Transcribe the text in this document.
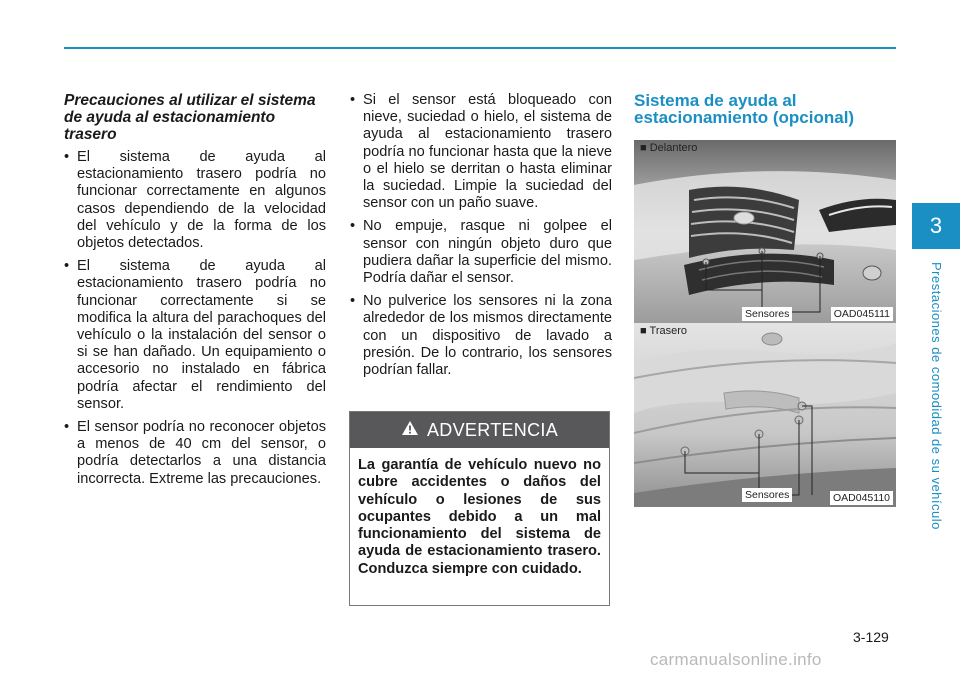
Precauciones al utilizar el sistema de ayuda al estacionamiento trasero

• El sistema de ayuda al estacionamiento trasero podría no funcionar correctamente en algunos casos dependiendo de la velocidad del vehículo y de la forma de los objetos detectados.
• El sistema de ayuda al estacionamiento trasero podría no funcionar correctamente si se modifica la altura del parachoques del vehículo o la instalación del sensor o si se han dañado. Un equipamiento o accesorio no instalado en fábrica podría afectar el rendimiento del sensor.
• El sensor podría no reconocer objetos a menos de 40 cm del sensor, o podría detectarlos a una distancia incorrecta. Extreme las precauciones.
• Si el sensor está bloqueado con nieve, suciedad o hielo, el sistema de ayuda al estacionamiento trasero podría no funcionar hasta que la nieve o el hielo se derritan o hasta eliminar la suciedad. Limpie la suciedad del sensor con un paño suave.
• No empuje, rasque ni golpee el sensor con ningún objeto duro que pudiera dañar la superficie del mismo. Podría dañar el sensor.
• No pulverice los sensores ni la zona alrededor de los mismos directamente con un dispositivo de lavado a presión. De lo contrario, los sensores podrían fallar.
ADVERTENCIA
La garantía de vehículo nuevo no cubre accidentes o daños del vehículo o lesiones de sus ocupantes debido a un mal funcionamiento del sistema de ayuda de estacionamiento trasero. Conduzca siempre con cuidado.

Sistema de ayuda al estacionamiento (opcional)

■ Delantero
Sensores	OAD045111
■ Trasero
Sensores	OAD045110
3
Prestaciones de comodidad de su vehículo
3-129
carmanualsonline.info
